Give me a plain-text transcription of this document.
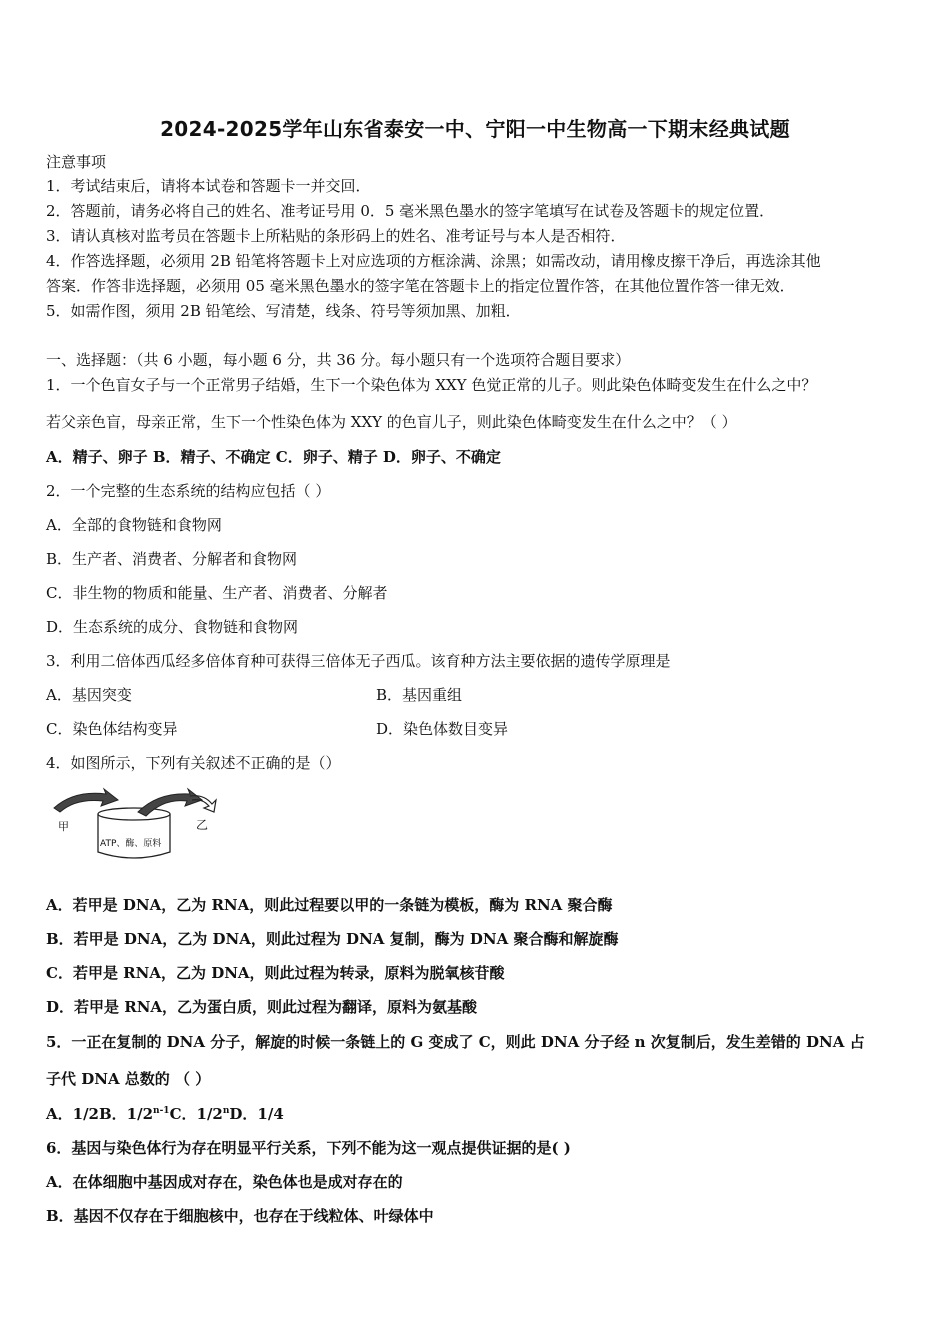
2024-2025学年山东省泰安一中、宁阳一中生物高一下期末经典试题
注意事项
1．考试结束后，请将本试卷和答题卡一并交回．
2．答题前，请务必将自己的姓名、准考证号用 0．5 毫米黑色墨水的签字笔填写在试卷及答题卡的规定位置．
3．请认真核对监考员在答题卡上所粘贴的条形码上的姓名、准考证号与本人是否相符．
4．作答选择题，必须用 2B 铅笔将答题卡上对应选项的方框涂满、涂黑；如需改动，请用橡皮擦干净后，再选涂其他
答案．作答非选择题，必须用 05 毫米黑色墨水的签字笔在答题卡上的指定位置作答，在其他位置作答一律无效．
5．如需作图，须用 2B 铅笔绘、写清楚，线条、符号等须加黑、加粗．
一、选择题：（共 6 小题，每小题 6 分，共 36 分。每小题只有一个选项符合题目要求）
1．一个色盲女子与一个正常男子结婚，生下一个染色体为 XXY 色觉正常的儿子。则此染色体畸变发生在什么之中？
若父亲色盲，母亲正常，生下一个性染色体为 XXY 的色盲儿子，则此染色体畸变发生在什么之中？（ ）
A．精子、卵子 B．精子、不确定 C．卵子、精子 D．卵子、不确定
2．一个完整的生态系统的结构应包括（ ）
A．全部的食物链和食物网
B．生产者、消费者、分解者和食物网
C．非生物的物质和能量、生产者、消费者、分解者
D．生态系统的成分、食物链和食物网
3．利用二倍体西瓜经多倍体育种可获得三倍体无子西瓜。该育种方法主要依据的遗传学原理是
A．基因突变	B．基因重组
C．染色体结构变异	D．染色体数目变异
4．如图所示，下列有关叙述不正确的是（）
甲	乙
ATP、酶、原料
A．若甲是 DNA，乙为 RNA，则此过程要以甲的一条链为模板，酶为 RNA 聚合酶
B．若甲是 DNA，乙为 DNA，则此过程为 DNA 复制，酶为 DNA 聚合酶和解旋酶
C．若甲是 RNA，乙为 DNA，则此过程为转录，原料为脱氧核苷酸
D．若甲是 RNA，乙为蛋白质，则此过程为翻译，原料为氨基酸
5．一正在复制的 DNA 分子，解旋的时候一条链上的 G 变成了 C，则此 DNA 分子经 n 次复制后，发生差错的 DNA 占
子代 DNA 总数的 （ ）
A．1/2B．1/2$^{n-1}$C．1/2$^n$D．1/4
6．基因与染色体行为存在明显平行关系，下列不能为这一观点提供证据的是( )
A．在体细胞中基因成对存在，染色体也是成对存在的
B．基因不仅存在于细胞核中，也存在于线粒体、叶绿体中
